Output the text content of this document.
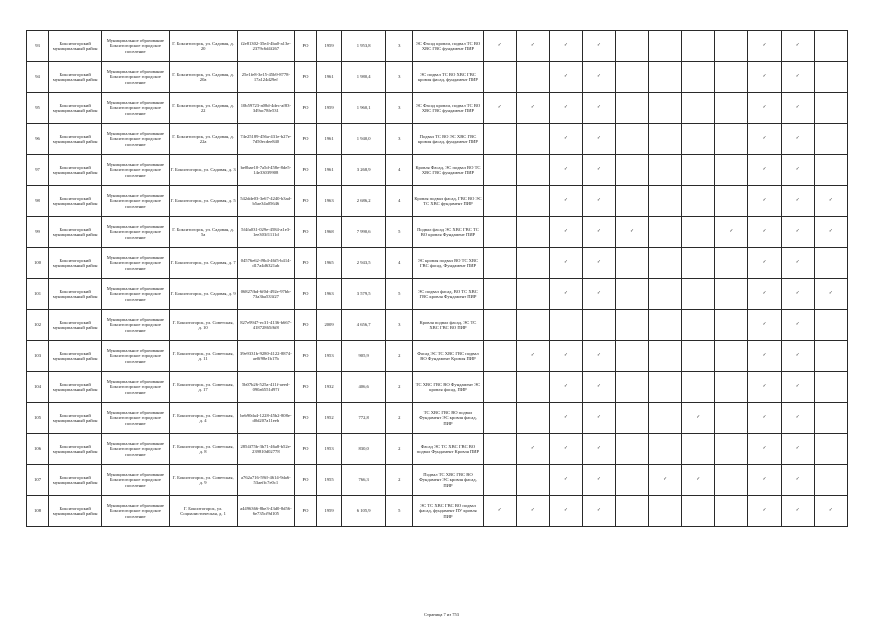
93	Бокситогорский муниципальный район	Муниципальное образование Бокситогорское городское поселение	Г. Бокситогорск, ул. Садовая, д. 20	f2e81302-35e4-4ba0-a13e-2379c6d4f267	РО	1959	1 953,8	3	ЭС Фасад кровли, подвал ТС ВО ХВС ГВС фундамент ПИР	✓	✓	✓	✓					✓	✓	
94	Бокситогорский муниципальный район	Муниципальное образование Бокситогорское городское поселение	Г. Бокситогорск, ул. Садовая, д. 20а	25e1fe8-3e15-45b9-8778-17a124d29ef	РО	1961	1 980,4	3	ЭС подвал ТС ВО ХВС ГВС кровля фасад, фундамент ПИР			✓	✓					✓	✓	
95	Бокситогорский муниципальный район	Муниципальное образование Бокситогорское городское поселение	Г. Бокситогорск, ул. Садовая, д. 22	10b59723-a08d-4dec-af83-349ac78fe531	РО	1959	1 960,1	3	ЭС Фасад кровли, подвал ТС ВО ХВС ГВС фундамент ПИР	✓	✓	✓	✓					✓	✓	
96	Бокситогорский муниципальный район	Муниципальное образование Бокситогорское городское поселение	Г. Бокситогорск, ул. Садовая, д. 22а	74e25189-456a-431e-b27e-7d50ecdee840	РО	1961	1 940,0	3	Подвал ТС ВО ЭС ХВС ГВС кровля фасад, фундамент ПИР			✓	✓					✓	✓	
97	Бокситогорский муниципальный район	Муниципальное образование Бокситогорское городское поселение	Г. Бокситогорск, ул. Садовая, д. 3	be0bae10-7a5d-458e-8de5-14e33039908	РО	1961	3 268,9	4	Кровля Фасад, ЭС подвал ВО ТС ХВС ГВС фундамент ПИР			✓	✓					✓	✓	
98	Бокситогорский муниципальный район	Муниципальное образование Бокситогорское городское поселение	Г. Бокситогорск, ул. Садовая, д. 5	542dde03-3e67-4240-b3ad-b5ae34a05646	РО	1963	2 686,2	4	Кровля подвал фасад, ГВС ВО ЭС ТС ХВС фундамент ПИР			✓	✓					✓	✓	✓
99	Бокситогорский муниципальный район	Муниципальное образование Бокситогорское городское поселение	Г. Бокситогорск, ул. Садовая, д. 5а	5f4fa031-029e-4584-a1e3-1ee303f1111d	РО	1968	7 990,6	5	Подвал фасад ЭС ХВС ГВС ТС ВО кровля Фундамент ПИР			✓	✓	✓			✓	✓	✓	✓
100	Бокситогорский муниципальный район	Муниципальное образование Бокситогорское городское поселение	Г. Бокситогорск, ул. Садовая, д. 7	04576e62-f9b4-46f5-b414-d17a4d6321ab	РО	1965	2 943,5	4	ЭС кровля подвал ВО ТС ХВС ГВС фасад, Фундамент ПИР			✓	✓					✓	✓	
101	Бокситогорский муниципальный район	Муниципальное образование Бокситогорское городское поселение	Г. Бокситогорск, ул. Садовая, д. 9	06827fbd-6f0d-492e-97bb-73a3ba533f27	РО	1963	3 579,5	5	ЭС подвал фасад, ВО ТС ХВС ГВС кровля Фундамент ПИР			✓	✓					✓	✓	✓
102	Бокситогорский муниципальный район	Муниципальное образование Бокситогорское городское поселение	Г. Бокситогорск, ул. Советская, д. 10	827e9947-ec31-4136-b667-41872865f6f8	РО	2009	4 656,7	3	Кровля подвал фасад, ЭС ТС ХВС ГВС ВО ПИР									✓	✓	
103	Бокситогорский муниципальный район	Муниципальное образование Бокситогорское городское поселение	Г. Бокситогорск, ул. Советская, д. 11	39e9331b-9280-4122-8874-ae0f98e1b17b	РО	1953	905,9	2	Фасад ЭС ТС ХВС ГВС подвал ВО Фундамент Кровля ПИР		✓	✓	✓					✓	✓	
104	Бокситогорский муниципальный район	Муниципальное образование Бокситогорское городское поселение	Г. Бокситогорск, ул. Советская, д. 17	5b07b26-525a-411f-aeed-090a6551d97f	РО	1932	406,6	2	ТС ХВС ГВС ВО Фундамент ЭС кровля фасад, ПИР			✓	✓					✓	✓	
105	Бокситогорский муниципальный район	Муниципальное образование Бокситогорское городское поселение	Г. Бокситогорск, ул. Советская, д. 4	beb90da4-1228-45b2-808e-d0d207a11eeb	РО	1952	772,8	2	ТС ХВС ГВС ВО подвал Фундамент ЭС кровля фасад, ПИР			✓	✓			✓		✓	✓	
106	Бокситогорский муниципальный район	Муниципальное образование Бокситогорское городское поселение	Г. Бокситогорск, ул. Советская, д. 8	2854f75b-3b71-46a8-b52e-239810d02778	РО	1953	830,0	2	Фасад ЭС ТС ХВС ГВС ВО подвал Фундамент Кровля ПИР		✓	✓	✓					✓	✓	
107	Бокситогорский муниципальный район	Муниципальное образование Бокситогорское городское поселение	Г. Бокситогорск, ул. Советская, д. 9	a762a716-59ff-4614-9da6-53aeffc7e0c1	РО	1955	766,3	2	Подвал ТС ХВС ГВС ВО Фундамент ЭС кровля фасад, ПИР			✓	✓		✓	✓		✓	✓	
108	Бокситогорский муниципальный район	Муниципальное образование Бокситогорское городское поселение	Г. Бокситогорск, ул. Социалистическая, д. 1	a4496366-8be3-43d0-8d56-6e735cf9d105	РО	1959	6 105,9	5	ЭС ТС ХВС ГВС ВО подвал фасад, фундамент ПУ кровля ПИР	✓	✓	✓	✓					✓	✓	✓
Страница 7 из 753
